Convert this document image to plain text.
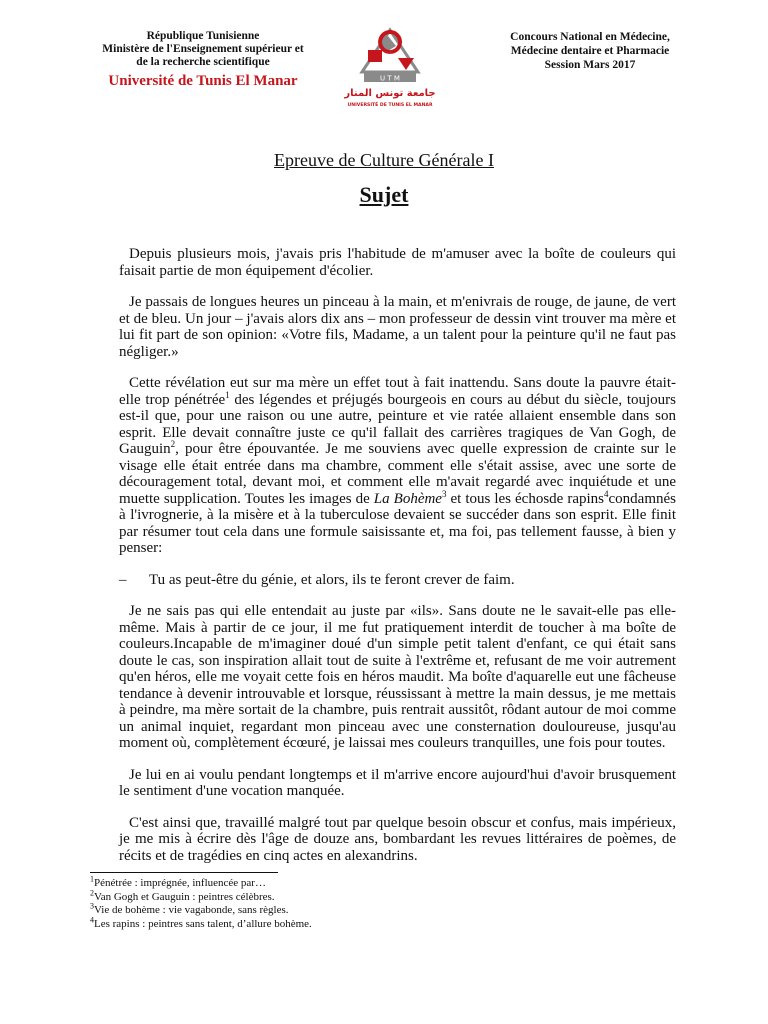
République Tunisienne
Ministère de l'Enseignement supérieur et
de la recherche scientifique
Université de Tunis El Manar	U T M
جامعة تونس المنار
UNIVERSITÉ DE TUNIS EL MANAR
Concours National en Médecine,
Médecine dentaire et Pharmacie
Session Mars 2017
Epreuve de Culture Générale I
Sujet

Depuis plusieurs mois, j'avais pris l'habitude de m'amuser avec la boîte de couleurs qui faisait partie de mon équipement d'écolier.

Je passais de longues heures un pinceau à la main, et m'enivrais de rouge, de jaune, de vert et de bleu. Un jour – j'avais alors dix ans – mon professeur de dessin vint trouver ma mère et lui fit part de son opinion: «Votre fils, Madame, a un talent pour la peinture qu'il ne faut pas négliger.»

Cette révélation eut sur ma mère un effet tout à fait inattendu. Sans doute la pauvre était-elle trop pénétrée$^1$ des légendes et préjugés bourgeois en cours au début du siècle, toujours est-il que, pour une raison ou une autre, peinture et vie ratée allaient ensemble dans son esprit. Elle devait connaître juste ce qu'il fallait des carrières tragiques de Van Gogh, de Gauguin$^2$, pour être épouvantée. Je me souviens avec quelle expression de crainte sur le visage elle était entrée dans ma chambre, comment elle s'était assise, avec une sorte de découragement total, devant moi, et comment elle m'avait regardé avec inquiétude et une muette supplication. Toutes les images de La Bohème$^3$ et tous les échosde rapins$^4$condamnés à l'ivrognerie, à la misère et à la tuberculose devaient se succéder dans son esprit. Elle finit par résumer tout cela dans une formule saisissante et, ma foi, pas tellement fausse, à bien y penser:

– Tu as peut-être du génie, et alors, ils te feront crever de faim.

Je ne sais pas qui elle entendait au juste par «ils». Sans doute ne le savait-elle pas elle-même. Mais à partir de ce jour, il me fut pratiquement interdit de toucher à ma boîte de couleurs.Incapable de m'imaginer doué d'un simple petit talent d'enfant, ce qui était sans doute le cas, son inspiration allait tout de suite à l'extrême et, refusant de me voir autrement qu'en héros, elle me voyait cette fois en héros maudit. Ma boîte d'aquarelle eut une fâcheuse tendance à devenir introuvable et lorsque, réussissant à mettre la main dessus, je me mettais à peindre, ma mère sortait de la chambre, puis rentrait aussitôt, rôdant autour de moi comme un animal inquiet, regardant mon pinceau avec une consternation douloureuse, jusqu'au moment où, complètement écœuré, je laissai mes couleurs tranquilles, une fois pour toutes.

Je lui en ai voulu pendant longtemps et il m'arrive encore aujourd'hui d'avoir brusquement le sentiment d'une vocation manquée.

C'est ainsi que, travaillé malgré tout par quelque besoin obscur et confus, mais impérieux, je me mis à écrire dès l'âge de douze ans, bombardant les revues littéraires de poèmes, de récits et de tragédies en cinq actes en alexandrins.

$^1$Pénétrée : imprégnée, influencée par…
$^2$Van Gogh et Gauguin : peintres célèbres.
$^3$Vie de bohème : vie vagabonde, sans règles.
$^4$Les rapins : peintres sans talent, d’allure bohème.
